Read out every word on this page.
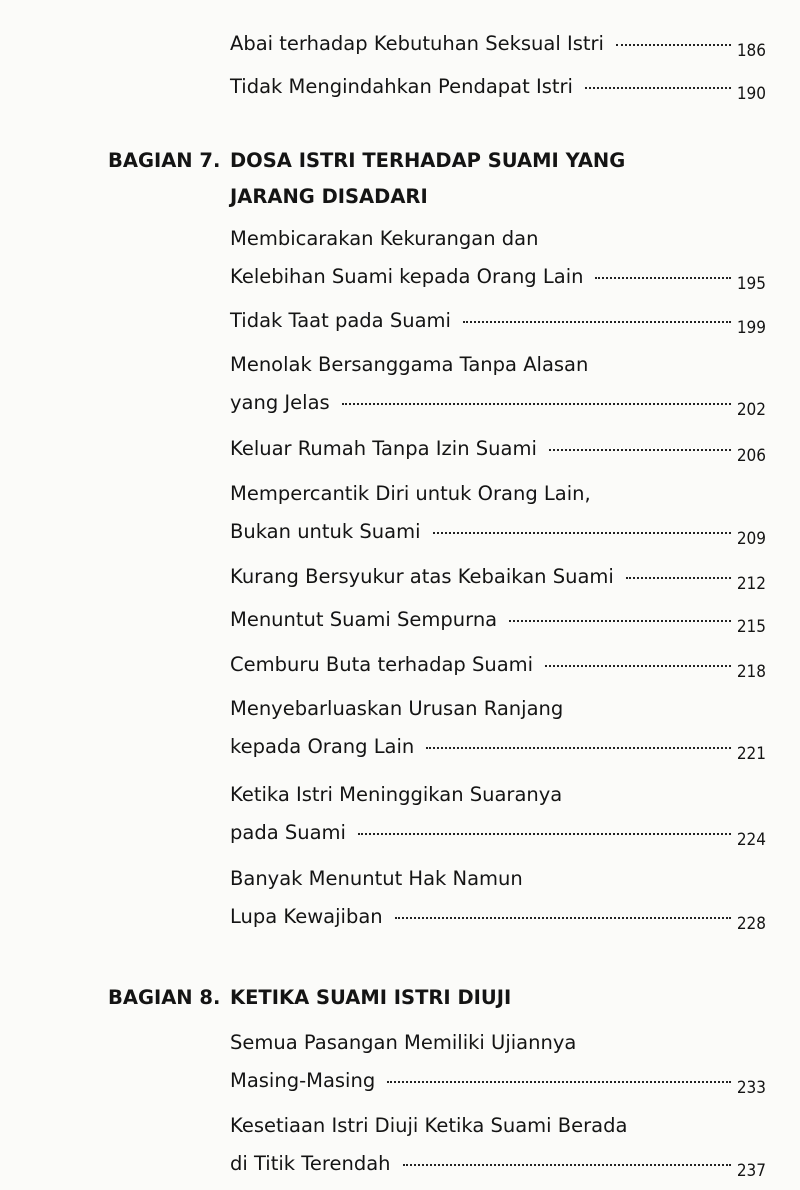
Abai terhadap Kebutuhan Seksual Istri	186
Tidak Mengindahkan Pendapat Istri	190
BAGIAN 7. DOSA ISTRI TERHADAP SUAMI YANG
JARANG DISADARI
Membicarakan Kekurangan dan
Kelebihan Suami kepada Orang Lain	195
Tidak Taat pada Suami	199
Menolak Bersanggama Tanpa Alasan
yang Jelas	202
Keluar Rumah Tanpa Izin Suami	206
Mempercantik Diri untuk Orang Lain,
Bukan untuk Suami	209
Kurang Bersyukur atas Kebaikan Suami	212
Menuntut Suami Sempurna	215
Cemburu Buta terhadap Suami	218
Menyebarluaskan Urusan Ranjang
kepada Orang Lain	221
Ketika Istri Meninggikan Suaranya
pada Suami	224
Banyak Menuntut Hak Namun
Lupa Kewajiban	228
BAGIAN 8. KETIKA SUAMI ISTRI DIUJI
Semua Pasangan Memiliki Ujiannya
Masing-Masing	233
Kesetiaan Istri Diuji Ketika Suami Berada
di Titik Terendah	237
